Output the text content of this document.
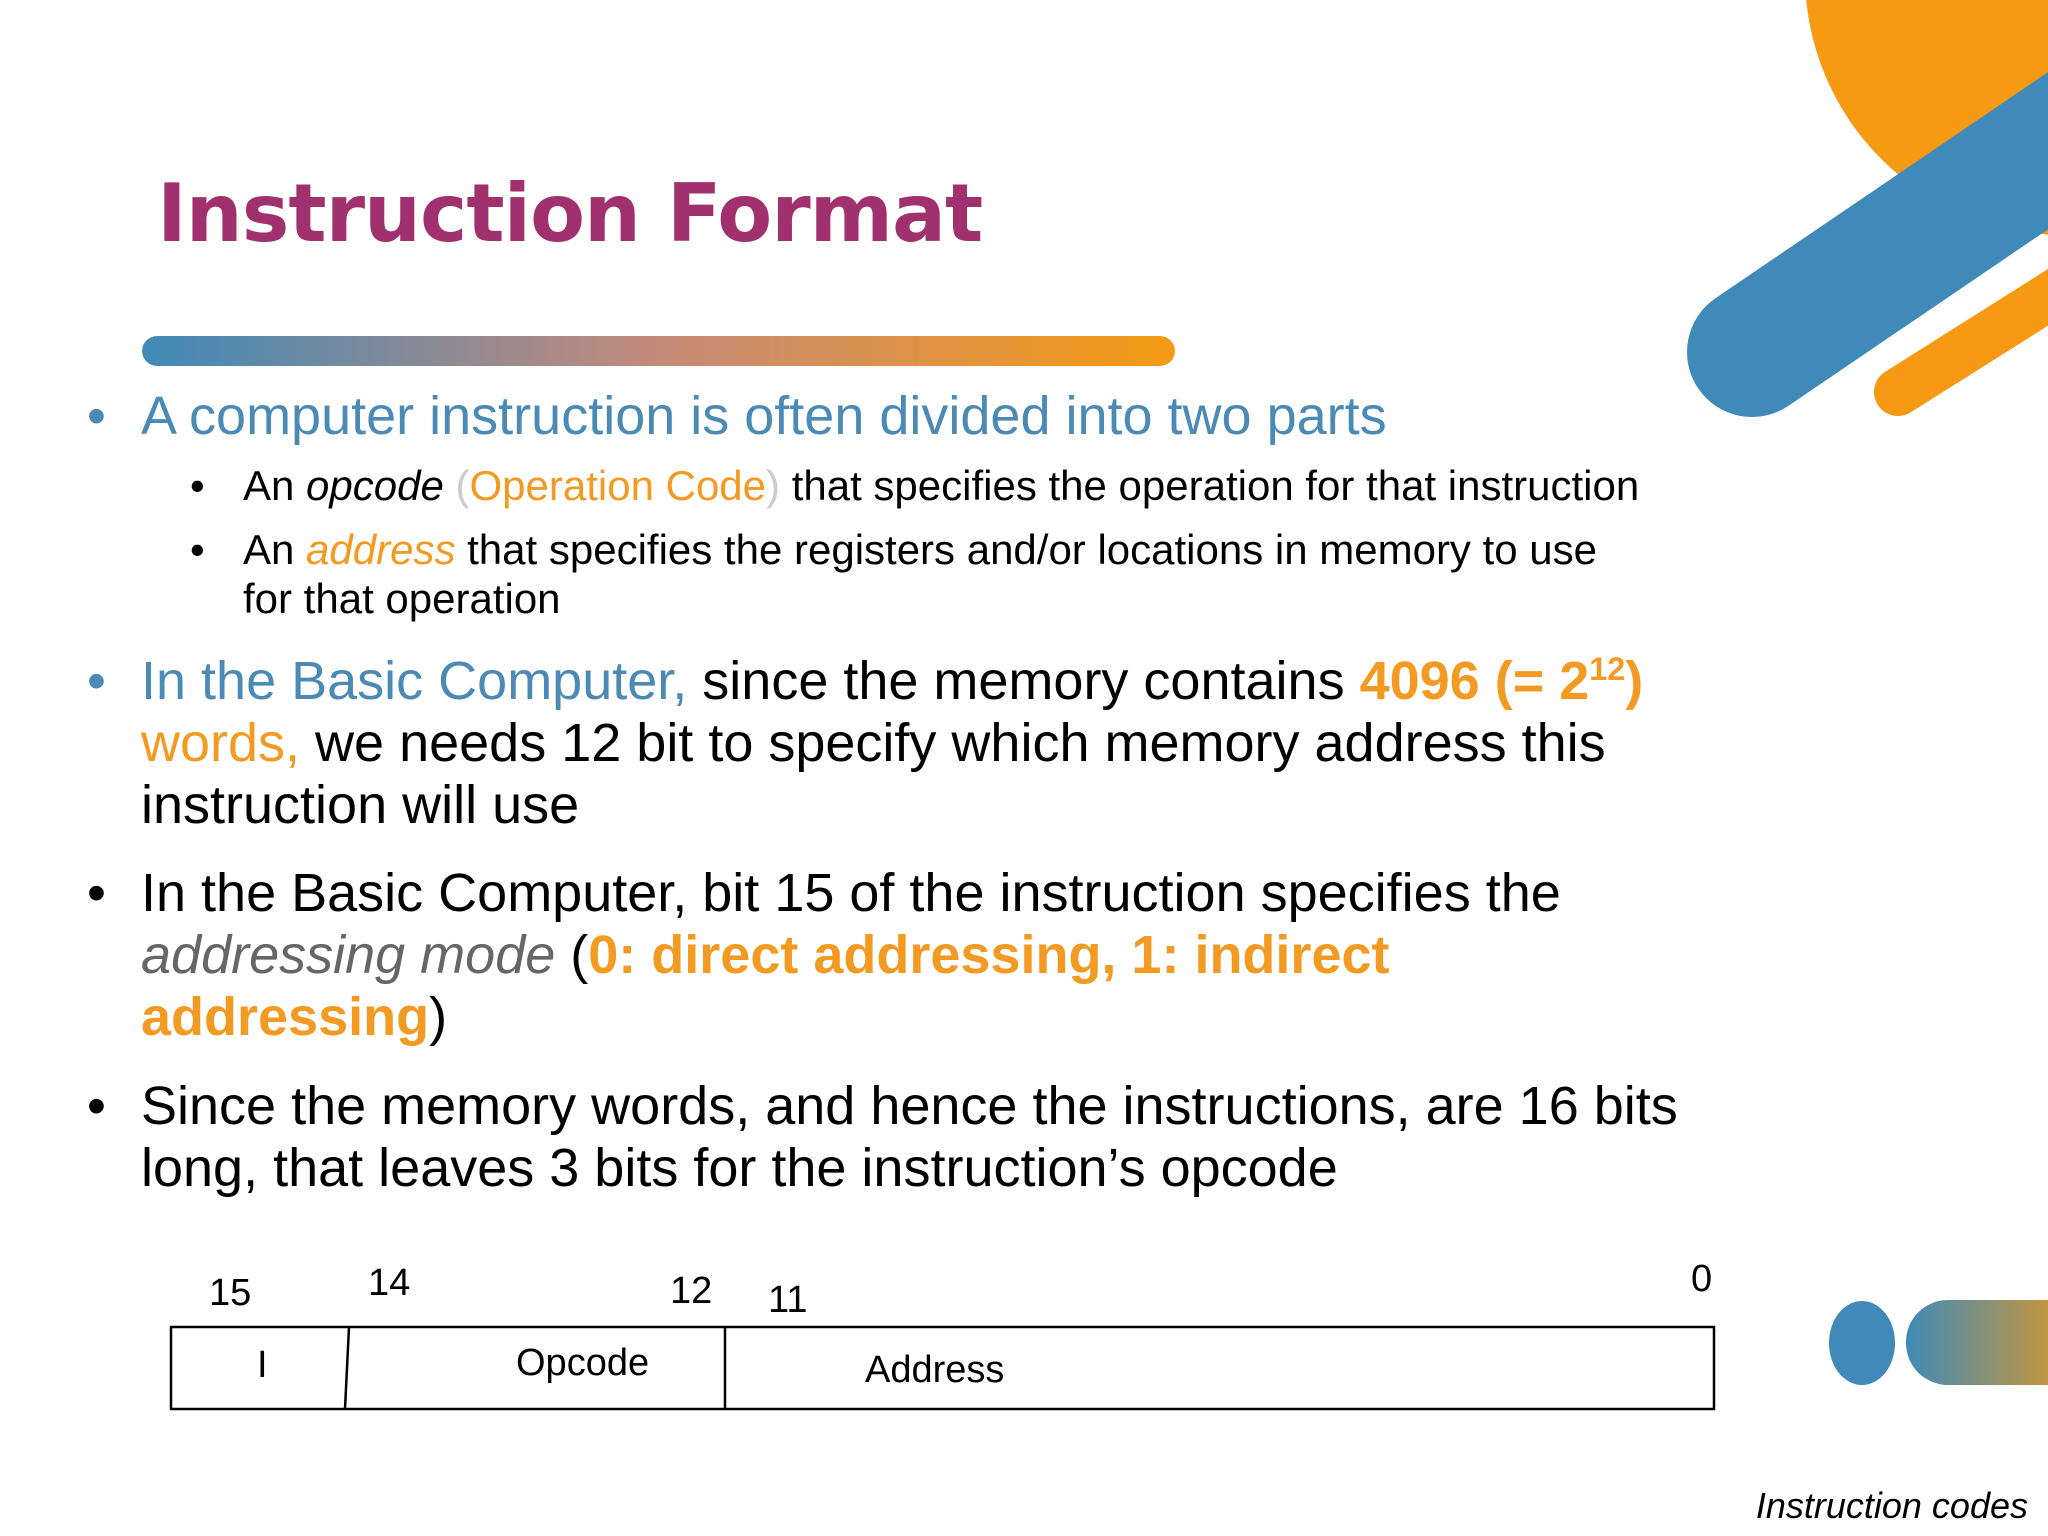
Instruction Format
• A computer instruction is often divided into two parts
• An opcode (Operation Code) that specifies the operation for that instruction
• An address that specifies the registers and/or locations in memory to use
for that operation
• In the Basic Computer, since the memory contains 4096 (= $2^{12}$)
words, we needs 12 bit to specify which memory address this
instruction will use
• In the Basic Computer, bit 15 of the instruction specifies the
addressing mode (0: direct addressing, 1: indirect
addressing)
• Since the memory words, and hence the instructions, are 16 bits
long, that leaves 3 bits for the instruction’s opcode
15	14	12 11	0
I	Opcode	Address
Instruction codes
